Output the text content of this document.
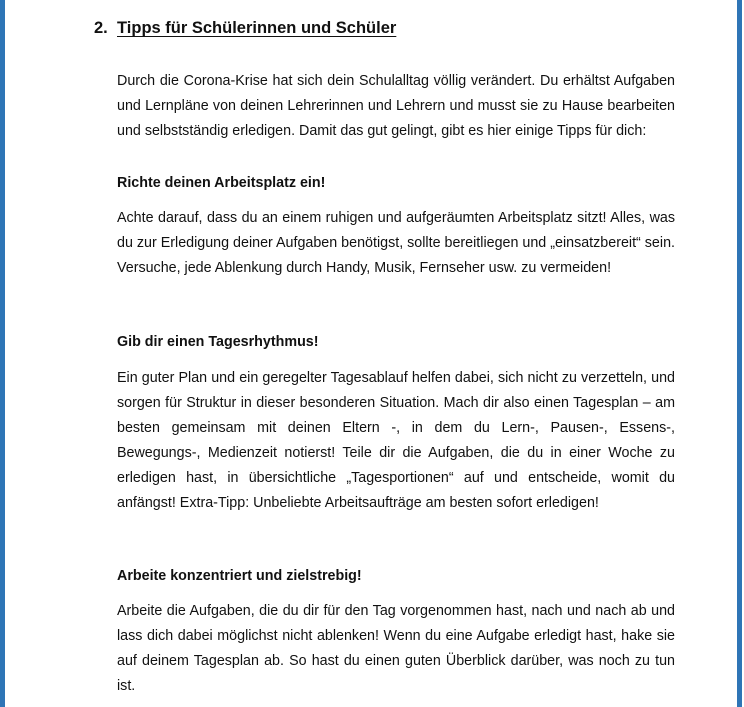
2. Tipps für Schülerinnen und Schüler

Durch die Corona-Krise hat sich dein Schulalltag völlig verändert. Du erhältst Aufgaben und Lernpläne von deinen Lehrerinnen und Lehrern und musst sie zu Hause bearbeiten und selbstständig erledigen. Damit das gut gelingt, gibt es hier einige Tipps für dich:

Richte deinen Arbeitsplatz ein!

Achte darauf, dass du an einem ruhigen und aufgeräumten Arbeitsplatz sitzt! Alles, was du zur Erledigung deiner Aufgaben benötigst, sollte bereitliegen und „einsatzbereit“ sein. Versuche, jede Ablenkung durch Handy, Musik, Fernseher usw. zu vermeiden!

Gib dir einen Tagesrhythmus!

Ein guter Plan und ein geregelter Tagesablauf helfen dabei, sich nicht zu verzetteln, und sorgen für Struktur in dieser besonderen Situation. Mach dir also einen Tagesplan – am besten gemeinsam mit deinen Eltern -, in dem du Lern-, Pausen-, Essens-, Bewegungs-, Medienzeit notierst! Teile dir die Aufgaben, die du in einer Woche zu erledigen hast, in übersichtliche „Tagesportionen“ auf und entscheide, womit du anfängst! Extra-Tipp: Unbeliebte Arbeitsaufträge am besten sofort erledigen!

Arbeite konzentriert und zielstrebig!

Arbeite die Aufgaben, die du dir für den Tag vorgenommen hast, nach und nach ab und lass dich dabei möglichst nicht ablenken! Wenn du eine Aufgabe erledigt hast, hake sie auf deinem Tagesplan ab. So hast du einen guten Überblick darüber, was noch zu tun ist.
